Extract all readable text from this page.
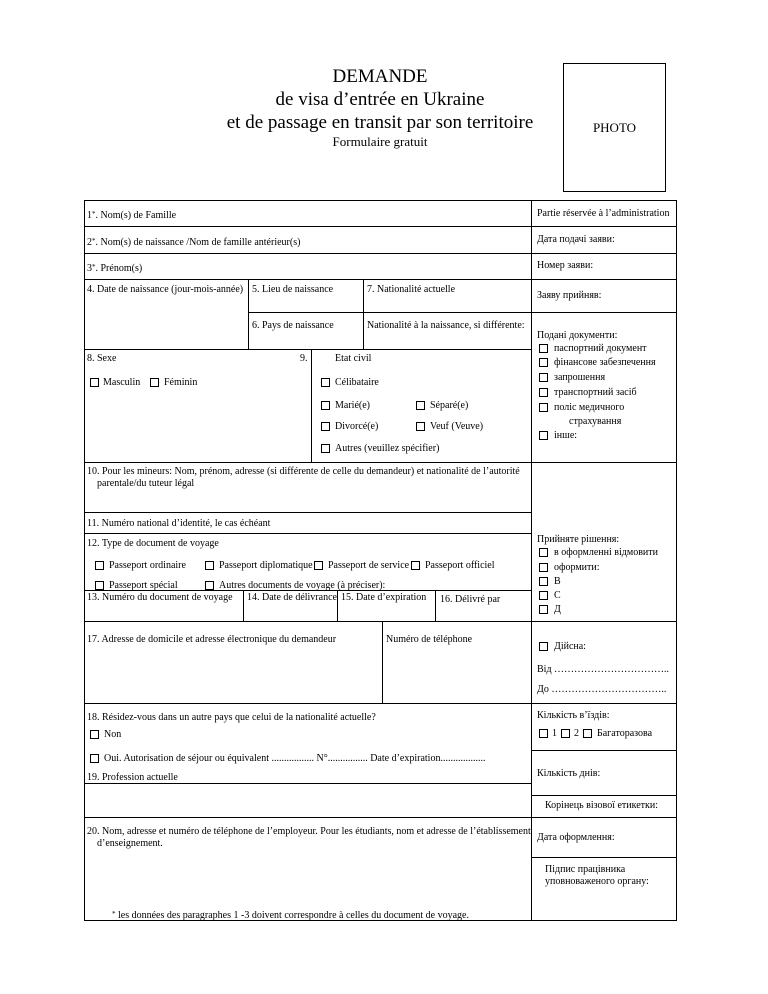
DEMANDE
de visa d’entrée en Ukraine
et de passage en transit par son territoire
Formulaire gratuit
PHOTO
1*. Nom(s) de Famille
2*. Nom(s) de naissance /Nom de famille antérieur(s)
3*. Prénom(s)
4. Date de naissance (jour-mois-année) 5. Lieu de naissance	7. Nationalité actuelle
6. Pays de naissance	Nationalité à la naissance, si différente:
8. Sexe
Masculin Féminin
9.	Etat civil
Célibataire
Marié(e)	Séparé(e)
Divorcé(e)	Veuf (Veuve)
Autres (veuillez spécifier)
10. Pour les mineurs: Nom, prénom, adresse (si différente de celle du demandeur) et nationalité de l’autorité
parentale/du tuteur légal
11. Numéro national d’identité, le cas échéant
12. Type de document de voyage
Passeport ordinaire	Passeport diplomatique Passeport de service Passeport officiel
Passeport spécial	Autres documents de voyage (à préciser):
13. Numéro du document de voyage 14. Date de délivrance 15. Date d’expiration 16. Délivré par
17. Adresse de domicile et adresse électronique du demandeur	Numéro de téléphone
18. Résidez-vous dans un autre pays que celui de la nationalité actuelle?
Non
Oui. Autorisation de séjour ou équivalent ................. N°................ Date d’expiration..................
19. Profession actuelle
20. Nom, adresse et numéro de téléphone de l’employeur. Pour les étudiants, nom et adresse de l’établissement
d’enseignement.
* les données des paragraphes 1 -3 doivent correspondre à celles du document de voyage.
Partie réservée à l’administration
Дата подачі заяви:
Номер заяви:
Заяву прийняв:
Подані документи:
паспортний документ
фінансове забезпечення
запрошення
транспортний засіб
поліс медичного
страхування
інше:
Прийняте рішення:
в оформленні відмовити
оформити:
В
С
Д
Дійсна:
Від ……………………………..
До ……………………………..
Кількість в’їздів:
1 2 Багаторазова
Кількість днів:
Корінець візової етикетки:
Дата оформлення:
Підпис працівника
уповноваженого органу:
